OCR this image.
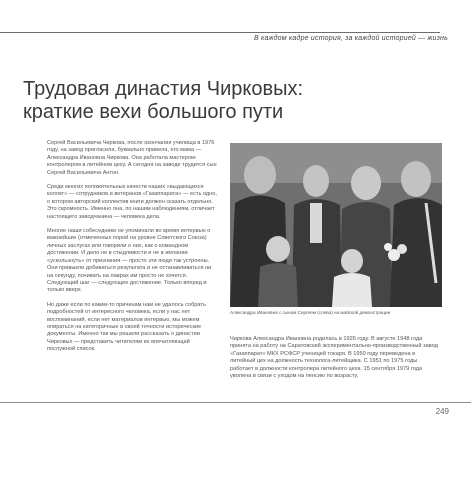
В каждом кадре история, за каждой историей — жизнь
Трудовая династия Чирковых:
краткие вехи большого пути

Сергей Васильевича Чиркова, после окончания училища в 1976 году, на завод пригласила, буквально привела, его мама — Александра Ивановна Чиркова. Она работала мастером-контролером в литейном цеху. А сегодня на заводе трудится сын Сергей Васильевича Антон.

Среди многих положительных качеств наших «выдающихся коллег» — сотрудников и ветеранов «Газаппарата» — есть одно, о котором авторский коллектив книги должен сказать отдельно. Это скромность. Именно она, по нашим наблюдениям, отличает настоящего заводчанина — человека дела.

Многие наши собеседники не упоминали во время интервью о важнейших (отмеченных порой на уровне Советского Союза) личных заслугах или говорили о них, как о командном достижении. И дело не в стыдливости и не в желании «ускользнуть» от признания — просто эти люди так устроены. Они привыкли добиваться результата и не останавливаться ни на секунду, почивать на лаврах им просто не хочется. Следующий шаг — следующее достижение. Только вперед и только вверх.

Но даже если по каким-то причинам нам не удалось собрать подробностей от интересного человека, если у нас нет воспоминаний, если нет материалов интервью, мы можем опираться на категоричные в своей точности исторические документы. Именно так мы решили рассказать о династии Чирковых — представить читателям их впечатляющий послужной список.

Александра Ивановна с сыном Сергеем (слева) на майской демонстрации

Чиркова Александра Ивановна родилась в 1926 году. В августе 1948 года принята на работу на Саратовский экспериментально-производственный завод «Газаппарат» МКХ РСФСР ученицей токаря. В 1950 году переведена в литейный цех на должность технолога-литейщика. С 1951 по 1975 годы работает в должности контролера литейного цеха. 15 сентября 1979 года уволена в связи с уходом на пенсию по возрасту.

249
